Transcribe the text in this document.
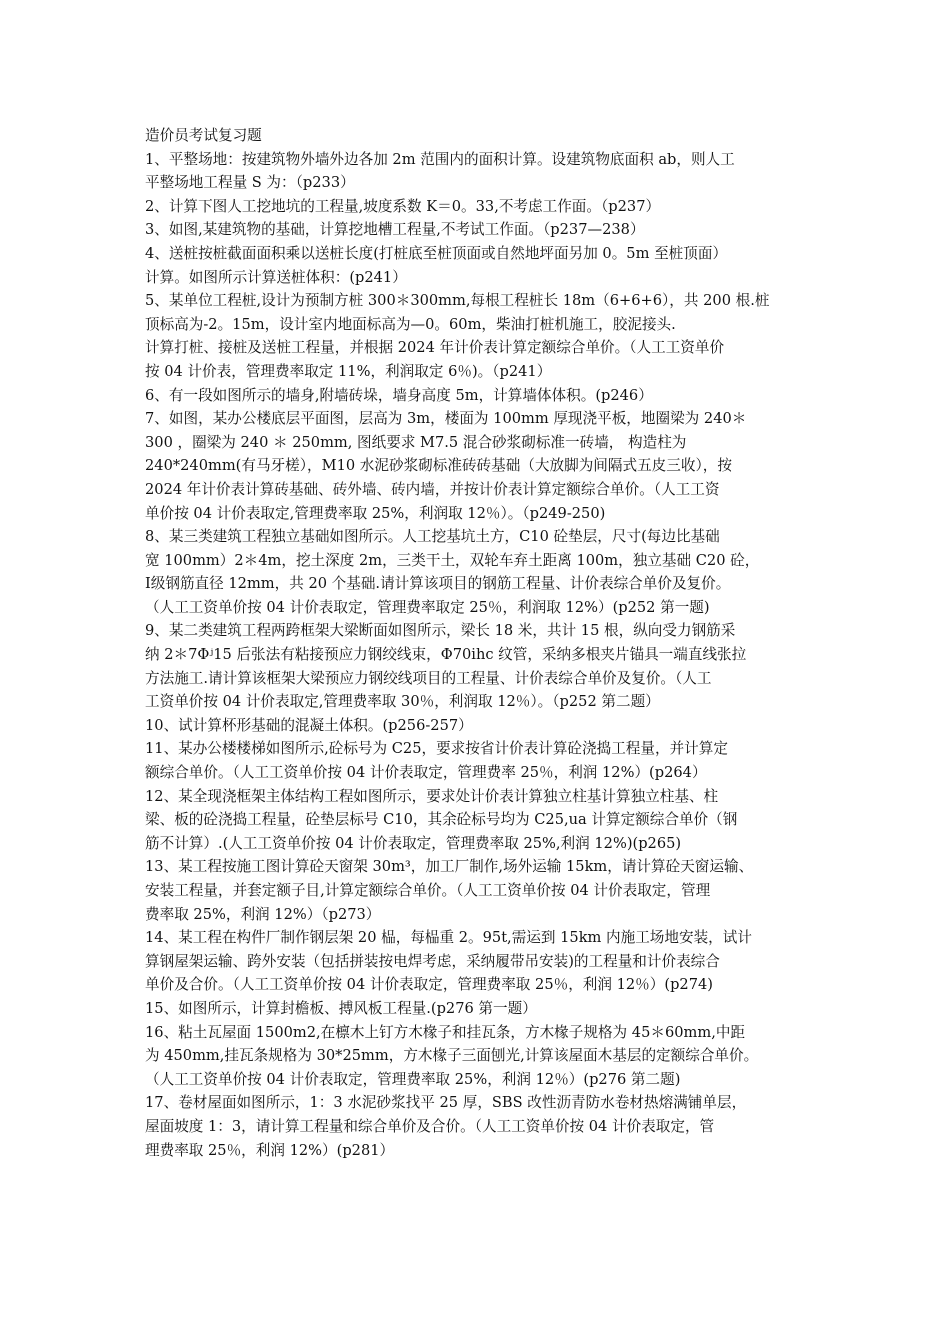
造价员考试复习题
1、平整场地：按建筑物外墙外边各加 2m 范围内的面积计算。设建筑物底面积 ab，则人工
平整场地工程量 S 为：（p233）
2、计算下图人工挖地坑的工程量,坡度系数 K＝0。33,不考虑工作面。（p237）
3、如图,某建筑物的基础，计算挖地槽工程量,不考试工作面。（p237—238）
4、送桩按桩截面面积乘以送桩长度(打桩底至桩顶面或自然地坪面另加 0。5m 至桩顶面）
计算。如图所示计算送桩体积：(p241）
5、某单位工程桩,设计为预制方桩 300＊300mm,每根工程桩长 18m（6+6+6），共 200 根.桩
顶标高为-2。15m，设计室内地面标高为—0。60m，柴油打桩机施工，胶泥接头.
计算打桩、接桩及送桩工程量，并根据 2024 年计价表计算定额综合单价。（人工工资单价
按 04 计价表，管理费率取定 11%，利润取定 6％)。（p241）
6、有一段如图所示的墙身,附墙砖垛，墙身高度 5m，计算墙体体积。(p246）
7、如图，某办公楼底层平面图，层高为 3m，楼面为 100mm 厚现浇平板，地圈梁为 240＊
300 ，圈梁为 240 ＊ 250mm, 图纸要求 M7.5 混合砂浆砌标准一砖墙， 构造柱为
240*240mm(有马牙槎），M10 水泥砂浆砌标准砖砖基础（大放脚为间隔式五皮三收），按
2024 年计价表计算砖基础、砖外墙、砖内墙，并按计价表计算定额综合单价。（人工工资
单价按 04 计价表取定,管理费率取 25%，利润取 12％）。（p249-250)
8、某三类建筑工程独立基础如图所示。人工挖基坑土方，C10 砼垫层，尺寸(每边比基础
宽 100mm）2＊4m，挖土深度 2m，三类干土，双轮车弃土距离 100m，独立基础 C20 砼，
Ⅰ级钢筋直径 12mm，共 20 个基础.请计算该项目的钢筋工程量、计价表综合单价及复价。
（人工工资单价按 04 计价表取定，管理费率取定 25％，利润取 12%）(p252 第一题)
9、某二类建筑工程两跨框架大梁断面如图所示，梁长 18 米，共计 15 根，纵向受力钢筋采
纳 2＊7Φʲ15 后张法有粘接预应力钢绞线束，Φ70ihc 纹管，采纳多根夹片锚具一端直线张拉
方法施工.请计算该框架大梁预应力钢绞线项目的工程量、计价表综合单价及复价。（人工
工资单价按 04 计价表取定,管理费率取 30％，利润取 12％）。（p252 第二题）
10、试计算杯形基础的混凝土体积。(p256-257）
11、某办公楼楼梯如图所示,砼标号为 C25，要求按省计价表计算砼浇捣工程量，并计算定
额综合单价。（人工工资单价按 04 计价表取定，管理费率 25％，利润 12%）(p264）
12、某全现浇框架主体结构工程如图所示，要求处计价表计算独立柱基计算独立柱基、柱
梁、板的砼浇捣工程量，砼垫层标号 C10，其余砼标号均为 C25,ua 计算定额综合单价（钢
筋不计算）.(人工工资单价按 04 计价表取定，管理费率取 25%,利润 12%)(p265)
13、某工程按施工图计算砼天窗架 30m³，加工厂制作,场外运输 15km，请计算砼天窗运输、
安装工程量，并套定额子目,计算定额综合单价。（人工工资单价按 04 计价表取定，管理
费率取 25%，利润 12%）（p273）
14、某工程在构件厂制作钢层架 20 榀，每榀重 2。95t,需运到 15km 内施工场地安装，试计
算钢屋架运输、跨外安装（包括拼装按电焊考虑，采纳履带吊安装)的工程量和计价表综合
单价及合价。（人工工资单价按 04 计价表取定，管理费率取 25％，利润 12％）(p274)
15、如图所示，计算封檐板、搏风板工程量.(p276 第一题）
16、粘土瓦屋面 1500m2,在檩木上钉方木椽子和挂瓦条，方木椽子规格为 45＊60mm,中距
为 450mm,挂瓦条规格为 30*25mm，方木椽子三面刨光,计算该屋面木基层的定额综合单价。
（人工工资单价按 04 计价表取定，管理费率取 25%，利润 12％）(p276 第二题)
17、卷材屋面如图所示，1：3 水泥砂浆找平 25 厚，SBS 改性沥青防水卷材热熔满铺单层，
屋面坡度 1：3，请计算工程量和综合单价及合价。（人工工资单价按 04 计价表取定，管
理费率取 25％，利润 12%）(p281）
